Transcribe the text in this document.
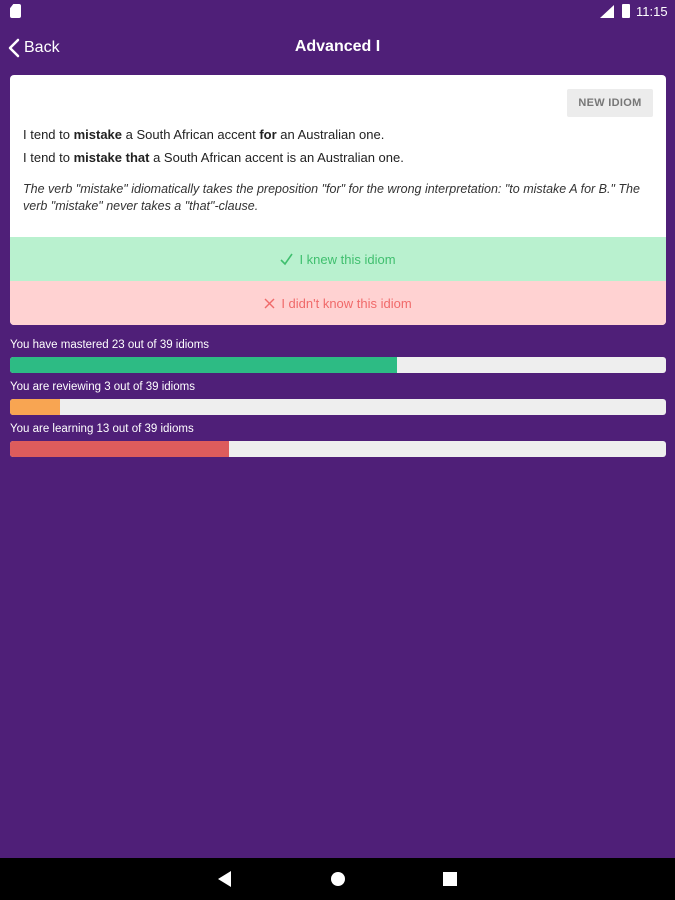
11:15
Back	Advanced I
NEW IDIOM
I tend to mistake a South African accent for an Australian one.
I tend to mistake that a South African accent is an Australian one.
The verb "mistake" idiomatically takes the preposition "for" for the wrong interpretation: "to mistake A for B." The verb "mistake" never takes a "that"-clause.
I knew this idiom
I didn't know this idiom
You have mastered 23 out of 39 idioms
You are reviewing 3 out of 39 idioms
You are learning 13 out of 39 idioms
